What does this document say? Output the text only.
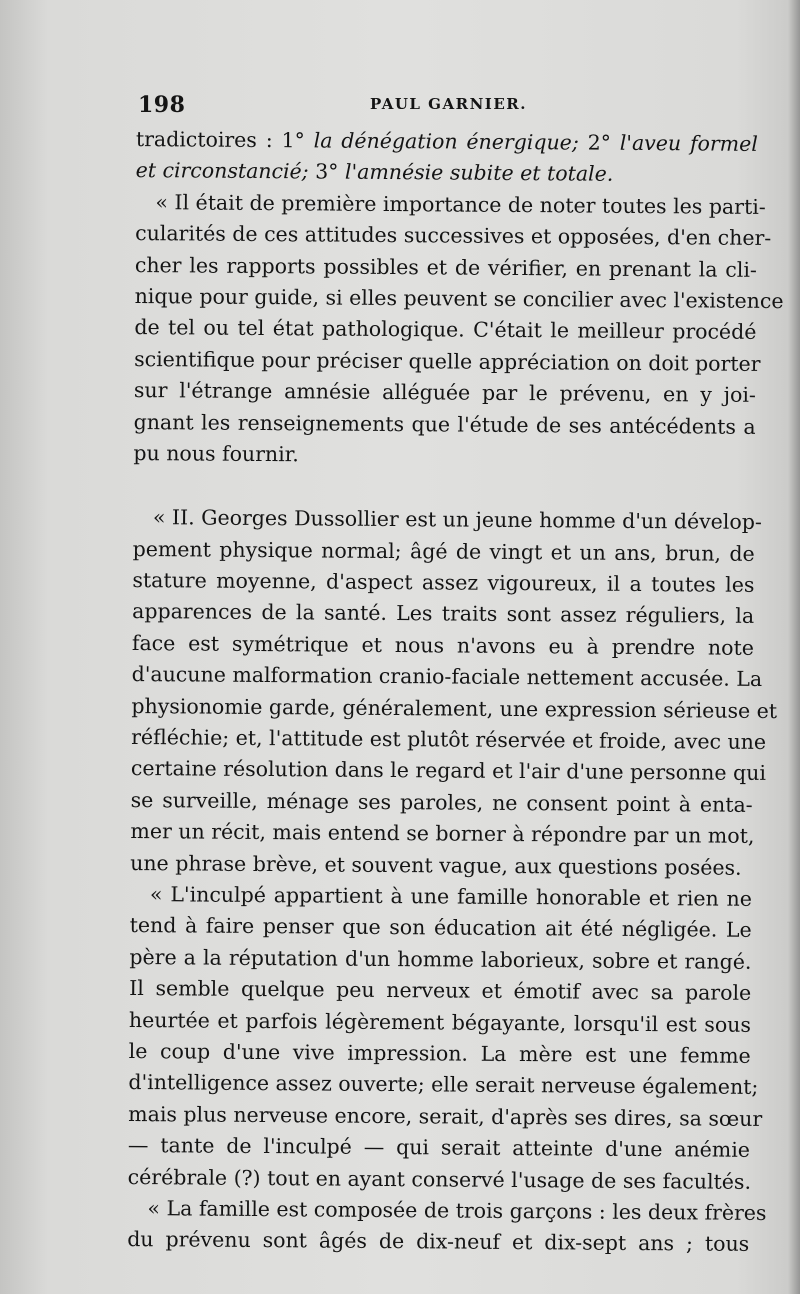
198	PAUL GARNIER.
tradictoires : 1° la dénégation énergique; 2° l'aveu formel
et circonstancié; 3° l'amnésie subite et totale.
« Il était de première importance de noter toutes les parti-
cularités de ces attitudes successives et opposées, d'en cher-
cher les rapports possibles et de vérifier, en prenant la cli-
nique pour guide, si elles peuvent se concilier avec l'existence
de tel ou tel état pathologique. C'était le meilleur procédé
scientifique pour préciser quelle appréciation on doit porter
sur l'étrange amnésie alléguée par le prévenu, en y joi-
gnant les renseignements que l'étude de ses antécédents a
pu nous fournir.
« II. Georges Dussollier est un jeune homme d'un dévelop-
pement physique normal; âgé de vingt et un ans, brun, de
stature moyenne, d'aspect assez vigoureux, il a toutes les
apparences de la santé. Les traits sont assez réguliers, la
face est symétrique et nous n'avons eu à prendre note
d'aucune malformation cranio-faciale nettement accusée. La
physionomie garde, généralement, une expression sérieuse et
réfléchie; et, l'attitude est plutôt réservée et froide, avec une
certaine résolution dans le regard et l'air d'une personne qui
se surveille, ménage ses paroles, ne consent point à enta-
mer un récit, mais entend se borner à répondre par un mot,
une phrase brève, et souvent vague, aux questions posées.
« L'inculpé appartient à une famille honorable et rien ne
tend à faire penser que son éducation ait été négligée. Le
père a la réputation d'un homme laborieux, sobre et rangé.
Il semble quelque peu nerveux et émotif avec sa parole
heurtée et parfois légèrement bégayante, lorsqu'il est sous
le coup d'une vive impression. La mère est une femme
d'intelligence assez ouverte; elle serait nerveuse également;
mais plus nerveuse encore, serait, d'après ses dires, sa sœur
— tante de l'inculpé — qui serait atteinte d'une anémie
cérébrale (?) tout en ayant conservé l'usage de ses facultés.
« La famille est composée de trois garçons : les deux frères
du prévenu sont âgés de dix-neuf et dix-sept ans ; tous
